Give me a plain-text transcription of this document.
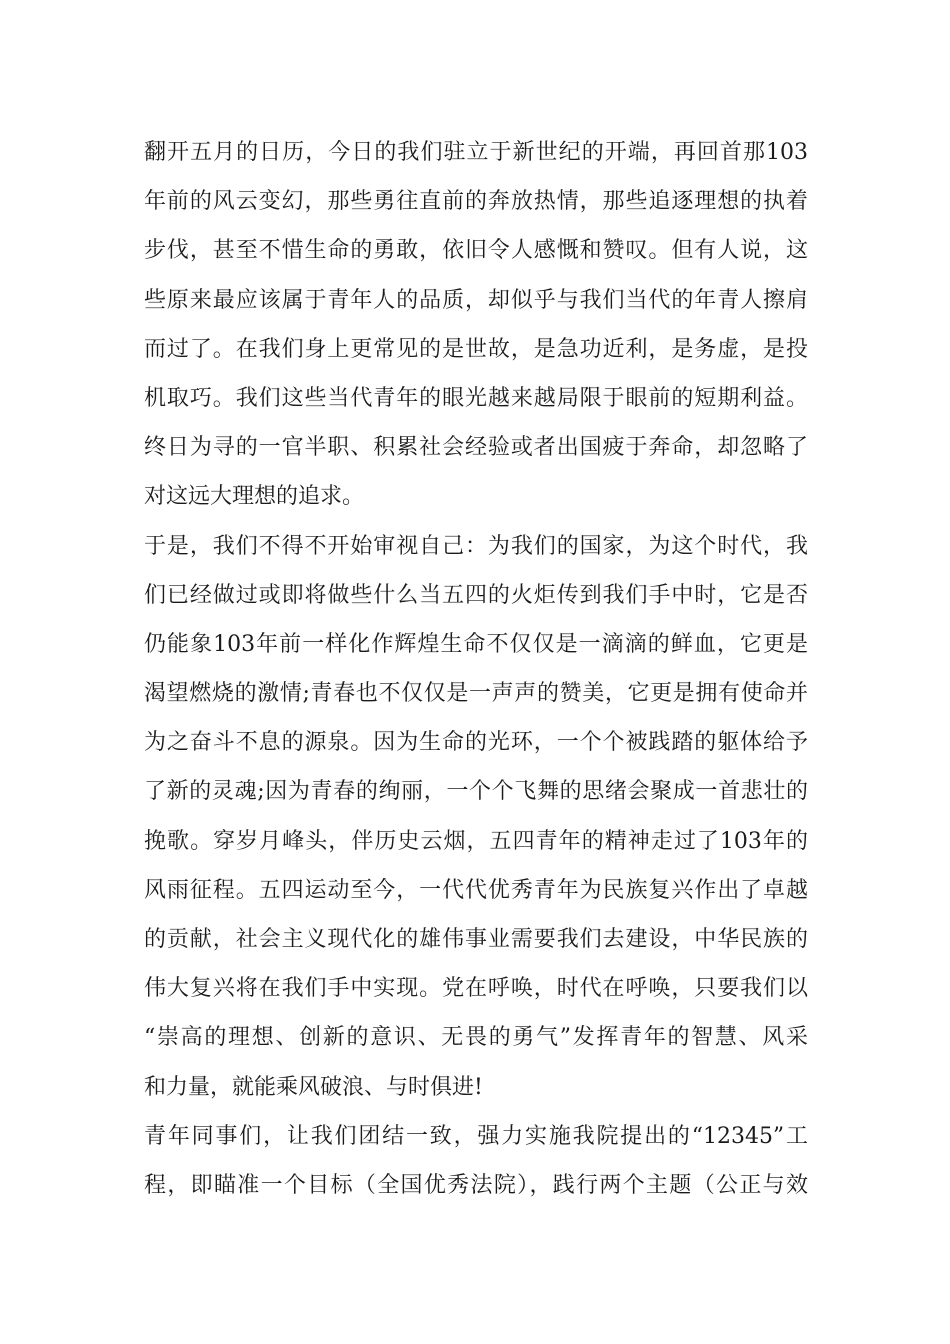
翻开五月的日历，今日的我们驻立于新世纪的开端，再回首那103
年前的风云变幻，那些勇往直前的奔放热情，那些追逐理想的执着
步伐，甚至不惜生命的勇敢，依旧令人感慨和赞叹。但有人说，这
些原来最应该属于青年人的品质，却似乎与我们当代的年青人擦肩
而过了。在我们身上更常见的是世故，是急功近利，是务虚，是投
机取巧。我们这些当代青年的眼光越来越局限于眼前的短期利益。
终日为寻的一官半职、积累社会经验或者出国疲于奔命，却忽略了
对这远大理想的追求。
于是，我们不得不开始审视自己：为我们的国家，为这个时代，我
们已经做过或即将做些什么当五四的火炬传到我们手中时，它是否
仍能象103年前一样化作辉煌生命不仅仅是一滴滴的鲜血，它更是
渴望燃烧的激情;青春也不仅仅是一声声的赞美，它更是拥有使命并
为之奋斗不息的源泉。因为生命的光环，一个个被践踏的躯体给予
了新的灵魂;因为青春的绚丽，一个个飞舞的思绪会聚成一首悲壮的
挽歌。穿岁月峰头，伴历史云烟，五四青年的精神走过了103年的
风雨征程。五四运动至今，一代代优秀青年为民族复兴作出了卓越
的贡献，社会主义现代化的雄伟事业需要我们去建设，中华民族的
伟大复兴将在我们手中实现。党在呼唤，时代在呼唤，只要我们以
“崇高的理想、创新的意识、无畏的勇气”发挥青年的智慧、风采
和力量，就能乘风破浪、与时俱进!
青年同事们，让我们团结一致，强力实施我院提出的“12345”工
程，即瞄准一个目标（全国优秀法院），践行两个主题（公正与效
